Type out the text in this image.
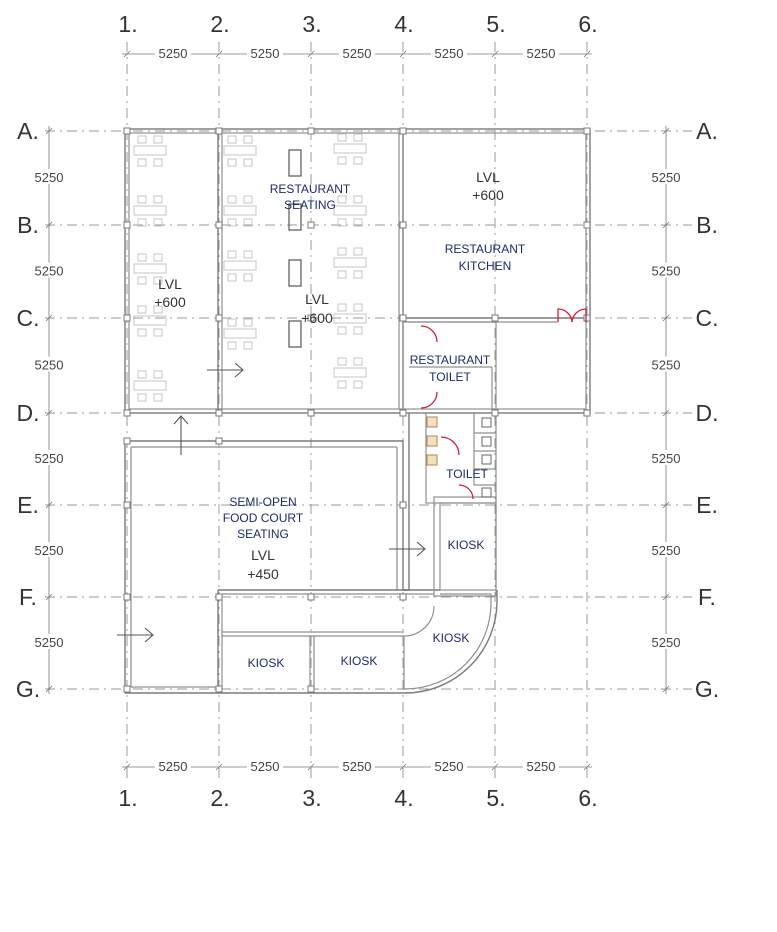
1.
1.
2.
2.
3.
3.
4.
4.
5.
5.
6.
6.
A.	A.
B.	B.
C.	C.
D.	D.
E.	E.
F.	F.
G.	G.
5250	5250	5250	5250	5250
5250	5250	5250	5250	5250
5250
5250
5250
5250
5250
5250
5250
5250
5250
5250
5250
5250
LVL
+600
RESTAURANT
SEATING
LVL
+600
LVL
+600
RESTAURANT
KITCHEN
RESTAURANT
TOILET
TOILET
SEMI-OPEN
FOOD COURT
SEATING
LVL
+450
KIOSK
KIOSK
KIOSK	KIOSK
